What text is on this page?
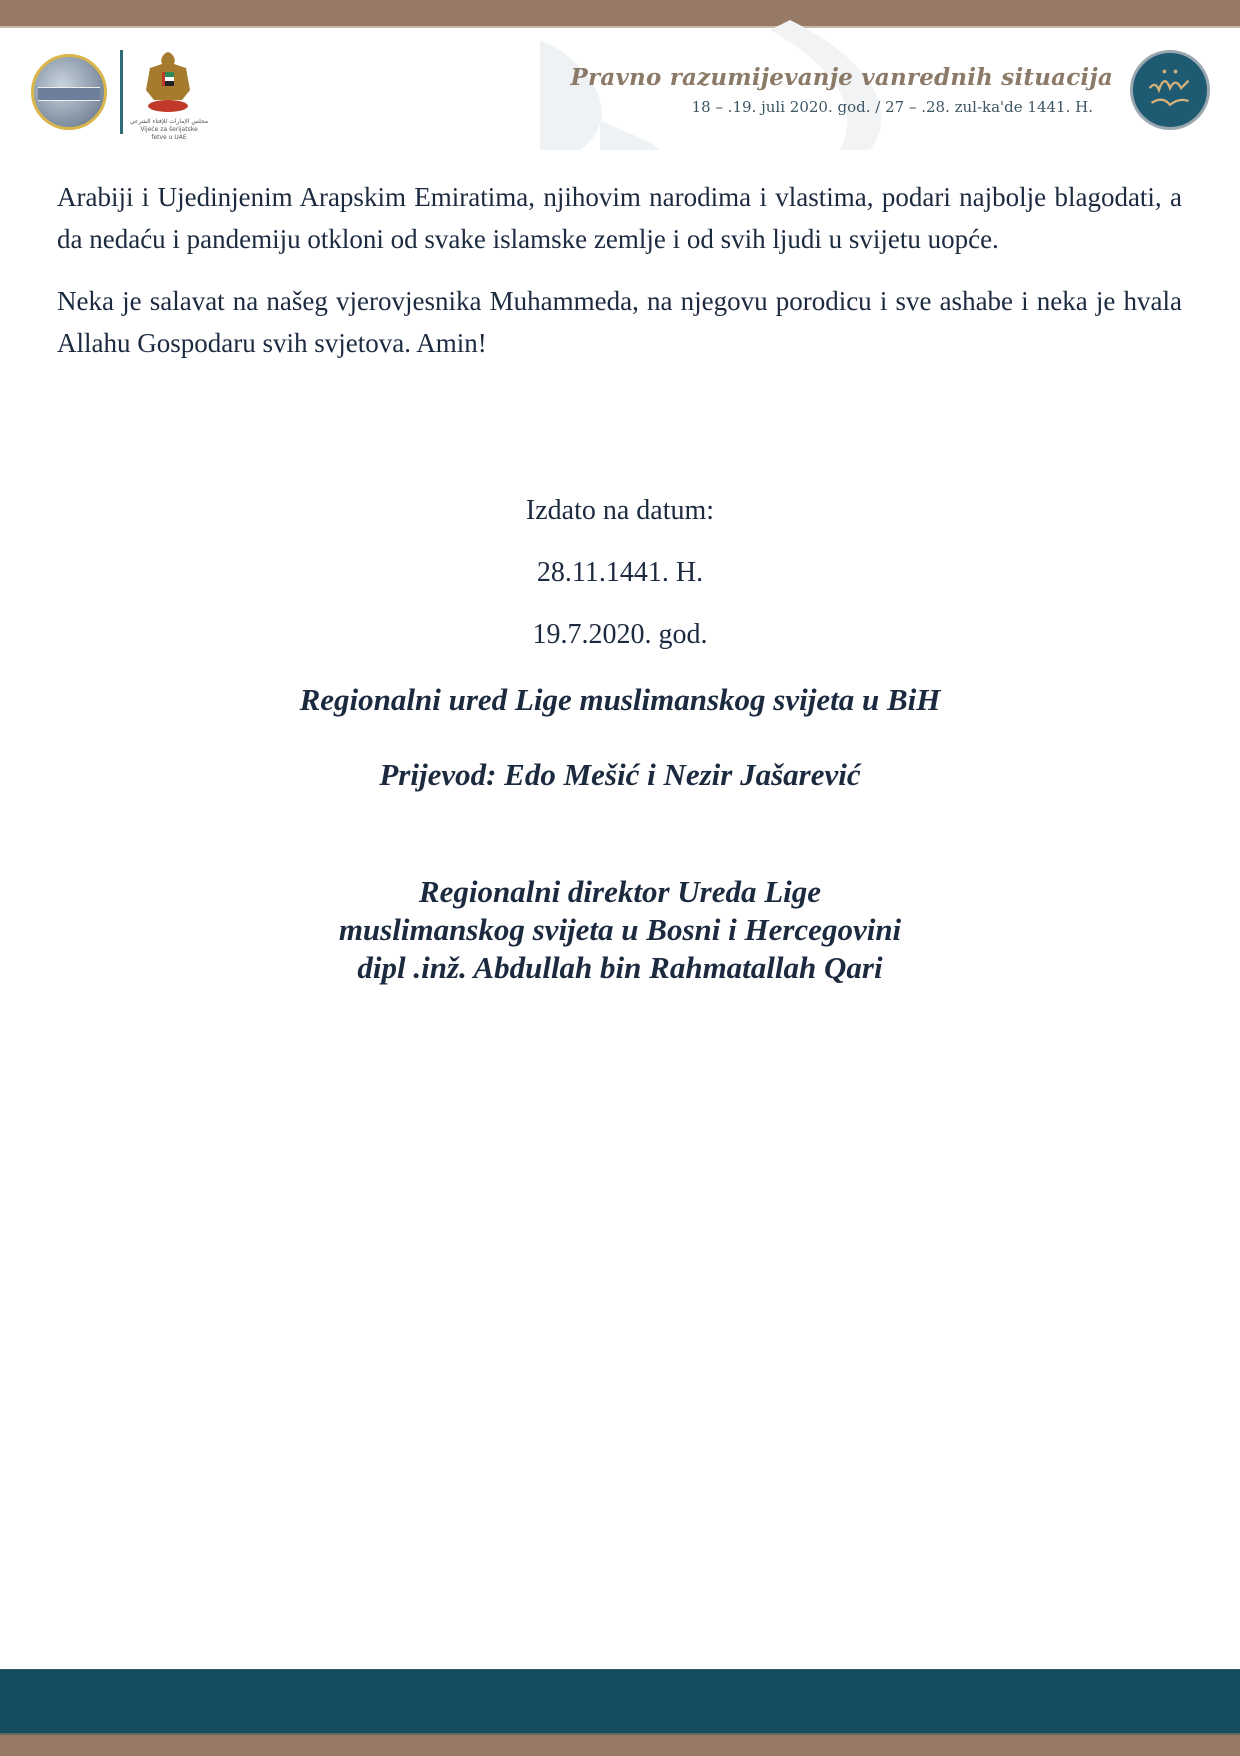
مجلس الإمارات للإفتاء الشرعي
Vijeće za šerijatske
fetve u UAE
Pravno razumijevanje vanrednih situacija
18 – .19. juli 2020. god. / 27 – .28. zul-ka'de 1441. H.

Arabiji i Ujedinjenim Arapskim Emiratima, njihovim narodima i vlastima, podari najbolje blagodati, a da nedaću i pandemiju otkloni od svake islamske zemlje i od svih ljudi u svijetu uopće.

Neka je salavat na našeg vjerovjesnika Muhammeda, na njegovu porodicu i sve ashabe i neka je hvala Allahu Gospodaru svih svjetova. Amin!

Izdato na datum:
28.11.1441. H.
19.7.2020. god.
Regionalni ured Lige muslimanskog svijeta u BiH
Prijevod: Edo Mešić i Nezir Jašarević
Regionalni direktor Ureda Lige
muslimanskog svijeta u Bosni i Hercegovini
dipl .inž. Abdullah bin Rahmatallah Qari
